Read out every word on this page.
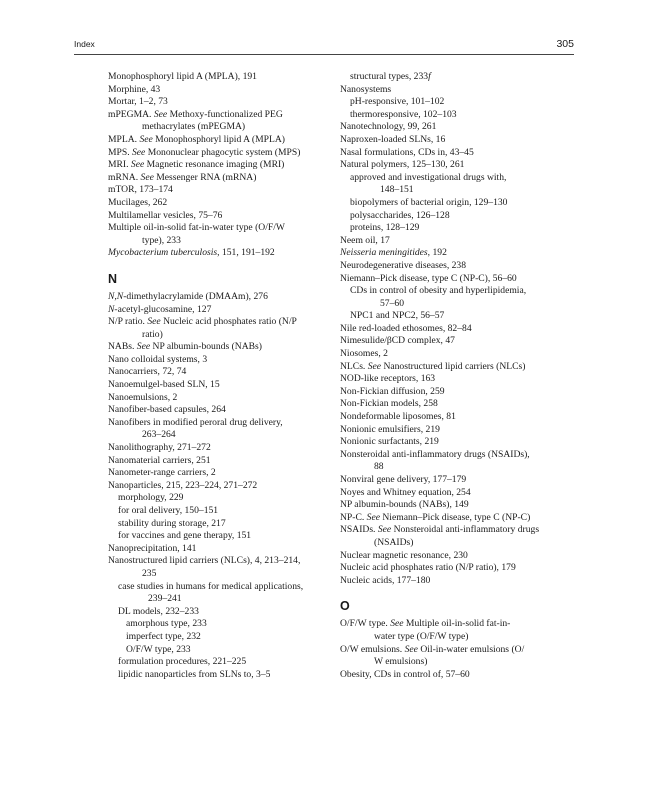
Index	305

Monophosphoryl lipid A (MPLA), 191

Morphine, 43

Mortar, 1–2, 73

mPEGMA. See Methoxy-functionalized PEG

methacrylates (mPEGMA)

MPLA. See Monophosphoryl lipid A (MPLA)

MPS. See Mononuclear phagocytic system (MPS)

MRI. See Magnetic resonance imaging (MRI)

mRNA. See Messenger RNA (mRNA)

mTOR, 173–174

Mucilages, 262

Multilamellar vesicles, 75–76

Multiple oil-in-solid fat-in-water type (O/F/W

type), 233

Mycobacterium tuberculosis, 151, 191–192

N

N,N-dimethylacrylamide (DMAAm), 276

N-acetyl-glucosamine, 127

N/P ratio. See Nucleic acid phosphates ratio (N/P

ratio)

NABs. See NP albumin-bounds (NABs)

Nano colloidal systems, 3

Nanocarriers, 72, 74

Nanoemulgel-based SLN, 15

Nanoemulsions, 2

Nanofiber-based capsules, 264

Nanofibers in modified peroral drug delivery,

263–264

Nanolithography, 271–272

Nanomaterial carriers, 251

Nanometer-range carriers, 2

Nanoparticles, 215, 223–224, 271–272

morphology, 229

for oral delivery, 150–151

stability during storage, 217

for vaccines and gene therapy, 151

Nanoprecipitation, 141

Nanostructured lipid carriers (NLCs), 4, 213–214,

235

case studies in humans for medical applications,

239–241

DL models, 232–233

amorphous type, 233

imperfect type, 232

O/F/W type, 233

formulation procedures, 221–225

lipidic nanoparticles from SLNs to, 3–5

structural types, 233f

Nanosystems

pH-responsive, 101–102

thermoresponsive, 102–103

Nanotechnology, 99, 261

Naproxen-loaded SLNs, 16

Nasal formulations, CDs in, 43–45

Natural polymers, 125–130, 261

approved and investigational drugs with,

148–151

biopolymers of bacterial origin, 129–130

polysaccharides, 126–128

proteins, 128–129

Neem oil, 17

Neisseria meningitides, 192

Neurodegenerative diseases, 238

Niemann–Pick disease, type C (NP-C), 56–60

CDs in control of obesity and hyperlipidemia,

57–60

NPC1 and NPC2, 56–57

Nile red-loaded ethosomes, 82–84

Nimesulide/βCD complex, 47

Niosomes, 2

NLCs. See Nanostructured lipid carriers (NLCs)

NOD-like receptors, 163

Non-Fickian diffusion, 259

Non-Fickian models, 258

Nondeformable liposomes, 81

Nonionic emulsifiers, 219

Nonionic surfactants, 219

Nonsteroidal anti-inflammatory drugs (NSAIDs),

88

Nonviral gene delivery, 177–179

Noyes and Whitney equation, 254

NP albumin-bounds (NABs), 149

NP-C. See Niemann–Pick disease, type C (NP-C)

NSAIDs. See Nonsteroidal anti-inflammatory drugs

(NSAIDs)

Nuclear magnetic resonance, 230

Nucleic acid phosphates ratio (N/P ratio), 179

Nucleic acids, 177–180

O

O/F/W type. See Multiple oil-in-solid fat-in-

water type (O/F/W type)

O/W emulsions. See Oil-in-water emulsions (O/

W emulsions)

Obesity, CDs in control of, 57–60
